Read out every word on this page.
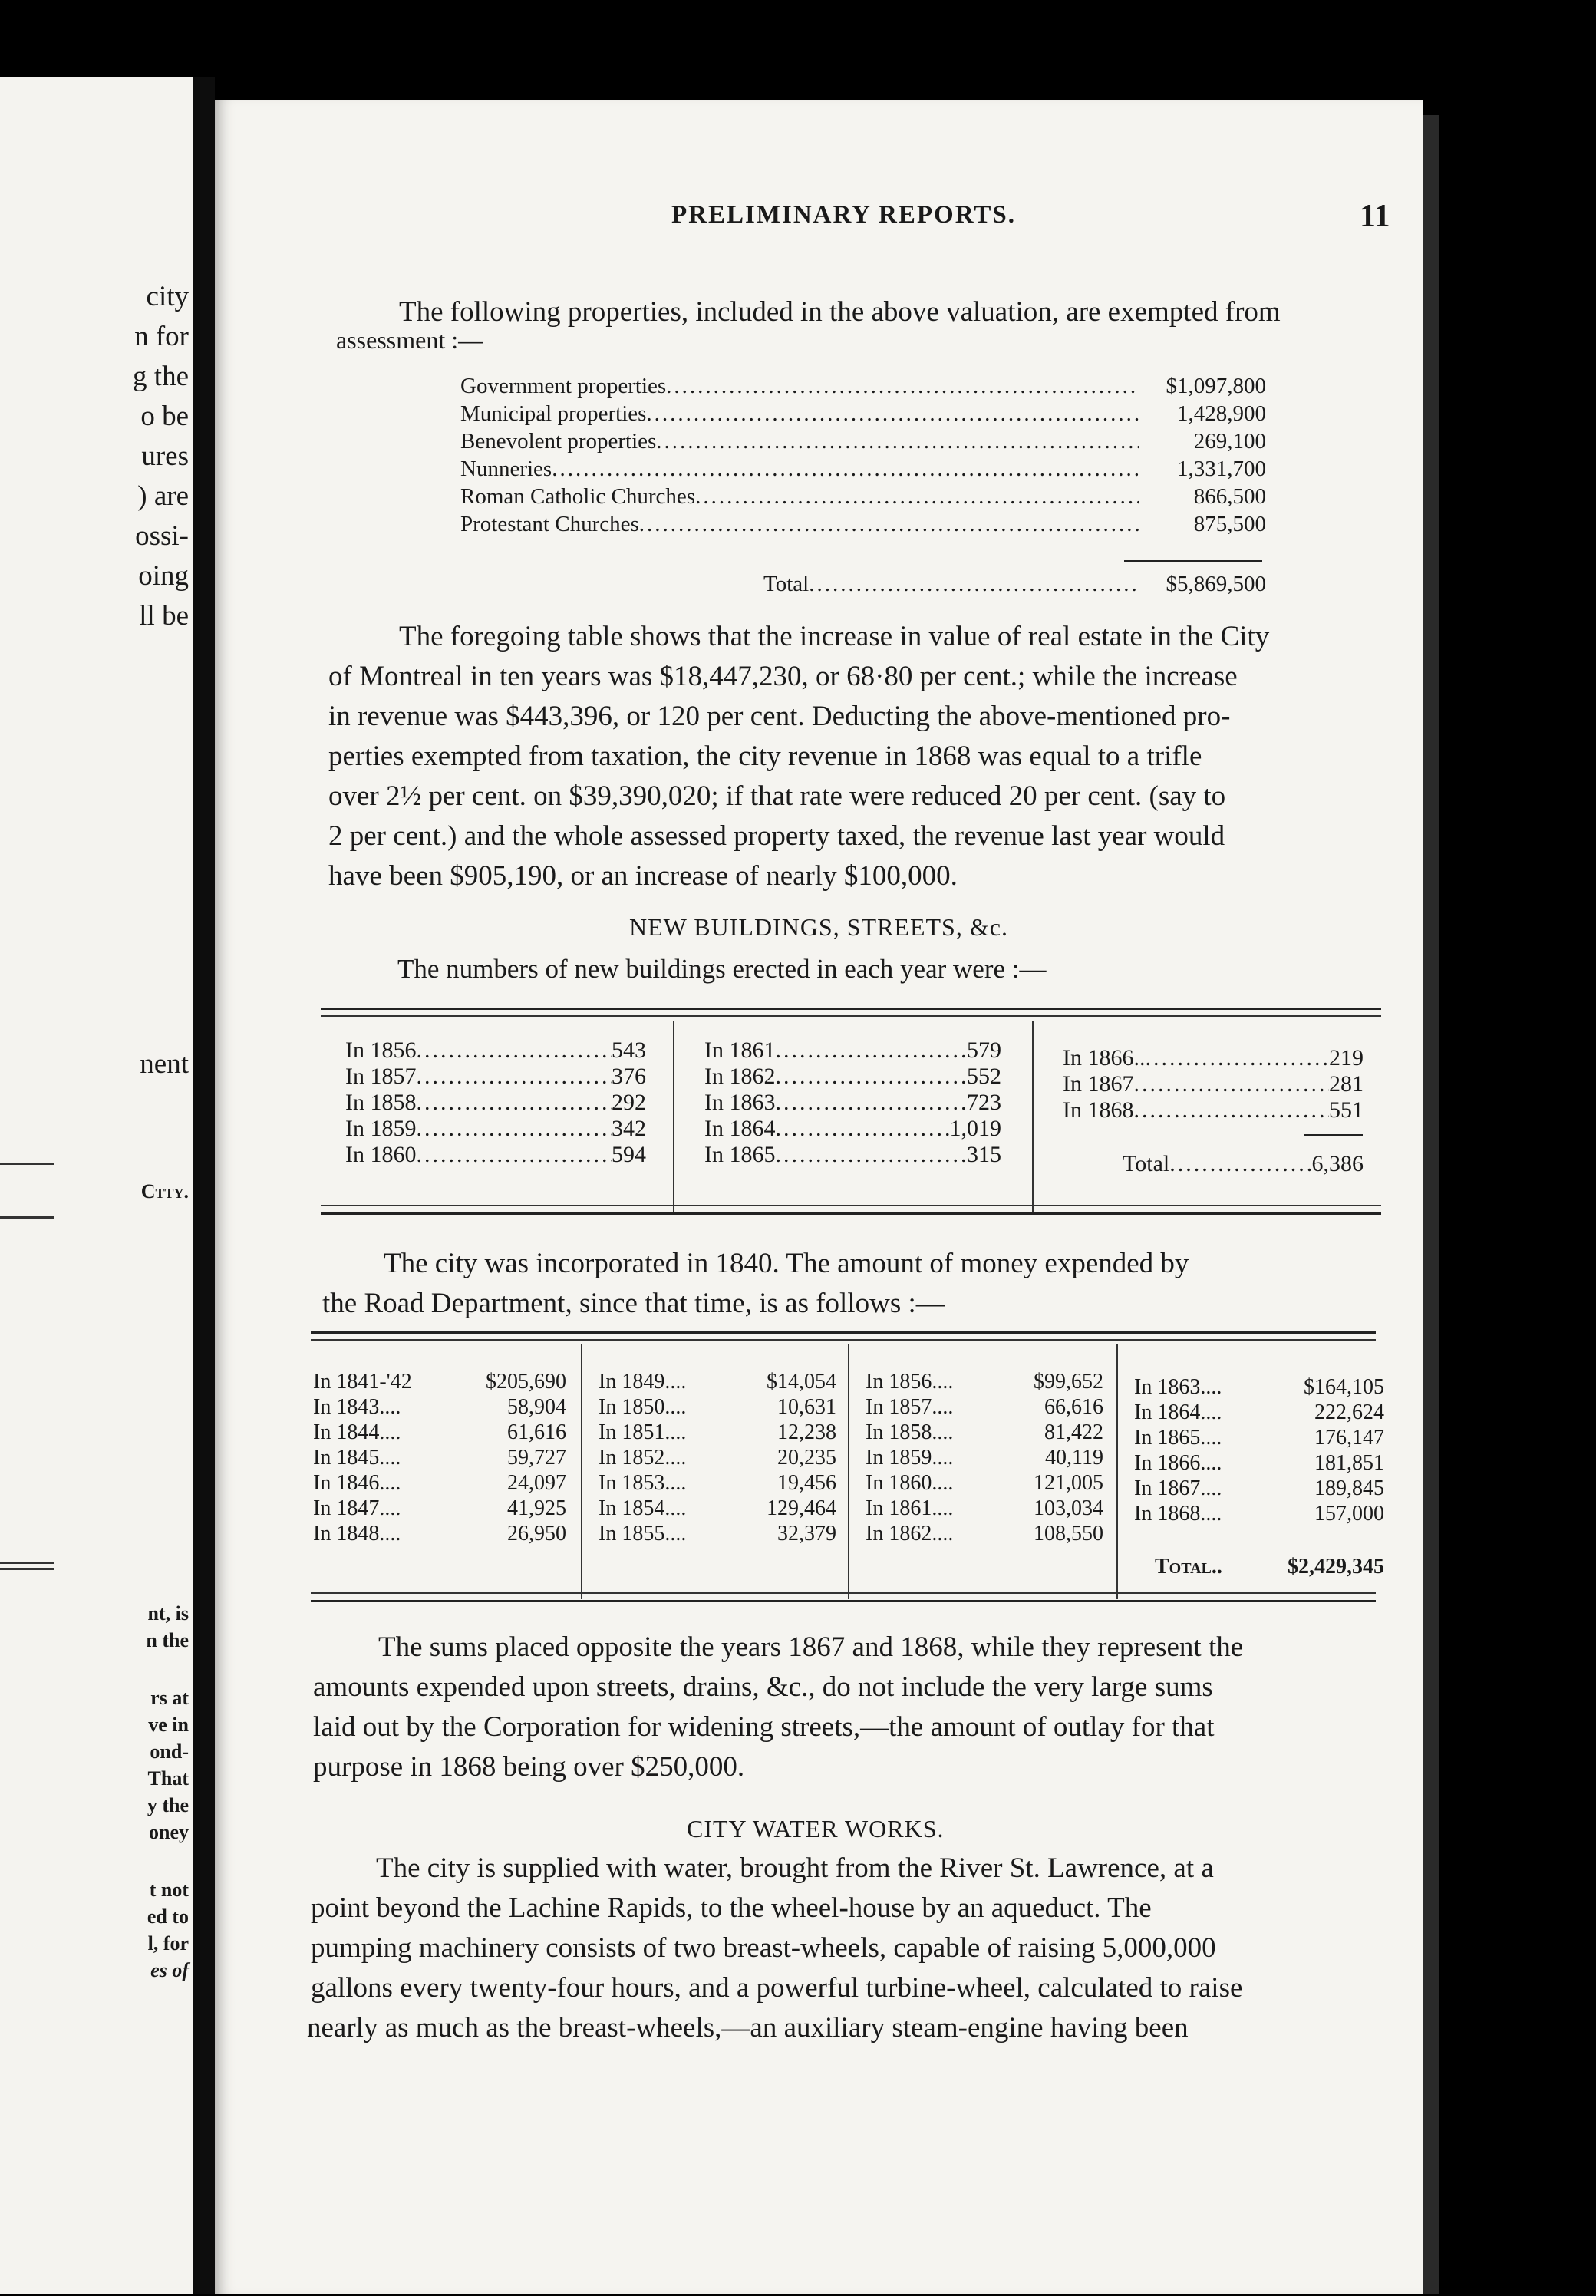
city
n for
g the
o be
ures
) are
ossi-
oing
ll be
nent
Ctty.
nt, is
n the
rs at
ve in
ond-
That
y the
oney
t not
ed to
l, for
es of
PRELIMINARY REPORTS.	11
The following properties, included in the above valuation, are exempted from
assessment :—
Government properties .....	$1,097,800
Municipal properties .....	1,428,900
Benevolent properties .....	269,100
Nunneries .....	1,331,700
Roman Catholic Churches .....	866,500
Protestant Churches .....	875,500
Total .....	$5,869,500
The foregoing table shows that the increase in value of real estate in the City
of Montreal in ten years was $18,447,230, or 68·80 per cent.; while the increase
in revenue was $443,396, or 120 per cent. Deducting the above-mentioned pro-
perties exempted from taxation, the city revenue in 1868 was equal to a trifle
over 2½ per cent. on $39,390,020; if that rate were reduced 20 per cent. (say to
2 per cent.) and the whole assessed property taxed, the revenue last year would
have been $905,190, or an increase of nearly $100,000.
NEW BUILDINGS, STREETS, &c.
The numbers of new buildings erected in each year were :—
In 1856 .....	543
In 1857 .....	376
In 1858 .....	292
In 1859 .....	342
In 1860 .....	594
In 1861 .....	579
In 1862 .....	552
In 1863 .....	723
In 1864 .....	1,019
In 1865 .....	315
In 1866.. .....	219
In 1867 .....	281
In 1868 .....	551
Total .....	6,386
The city was incorporated in 1840. The amount of money expended by
the Road Department, since that time, is as follows :—
In 1841-'42	$205,690
In 1843....	58,904
In 1844....	61,616
In 1845....	59,727
In 1846....	24,097
In 1847....	41,925
In 1848....	26,950
In 1849....	$14,054
In 1850....	10,631
In 1851....	12,238
In 1852....	20,235
In 1853....	19,456
In 1854....	129,464
In 1855....	32,379
In 1856....	$99,652
In 1857....	66,616
In 1858....	81,422
In 1859....	40,119
In 1860....	121,005
In 1861....	103,034
In 1862....	108,550
In 1863....	$164,105
In 1864....	222,624
In 1865....	176,147
In 1866....	181,851
In 1867....	189,845
In 1868....	157,000
Total..	$2,429,345
The sums placed opposite the years 1867 and 1868, while they represent the
amounts expended upon streets, drains, &c., do not include the very large sums
laid out by the Corporation for widening streets,—the amount of outlay for that
purpose in 1868 being over $250,000.
CITY WATER WORKS.
The city is supplied with water, brought from the River St. Lawrence, at a
point beyond the Lachine Rapids, to the wheel-house by an aqueduct. The
pumping machinery consists of two breast-wheels, capable of raising 5,000,000
gallons every twenty-four hours, and a powerful turbine-wheel, calculated to raise
nearly as much as the breast-wheels,—an auxiliary steam-engine having been
